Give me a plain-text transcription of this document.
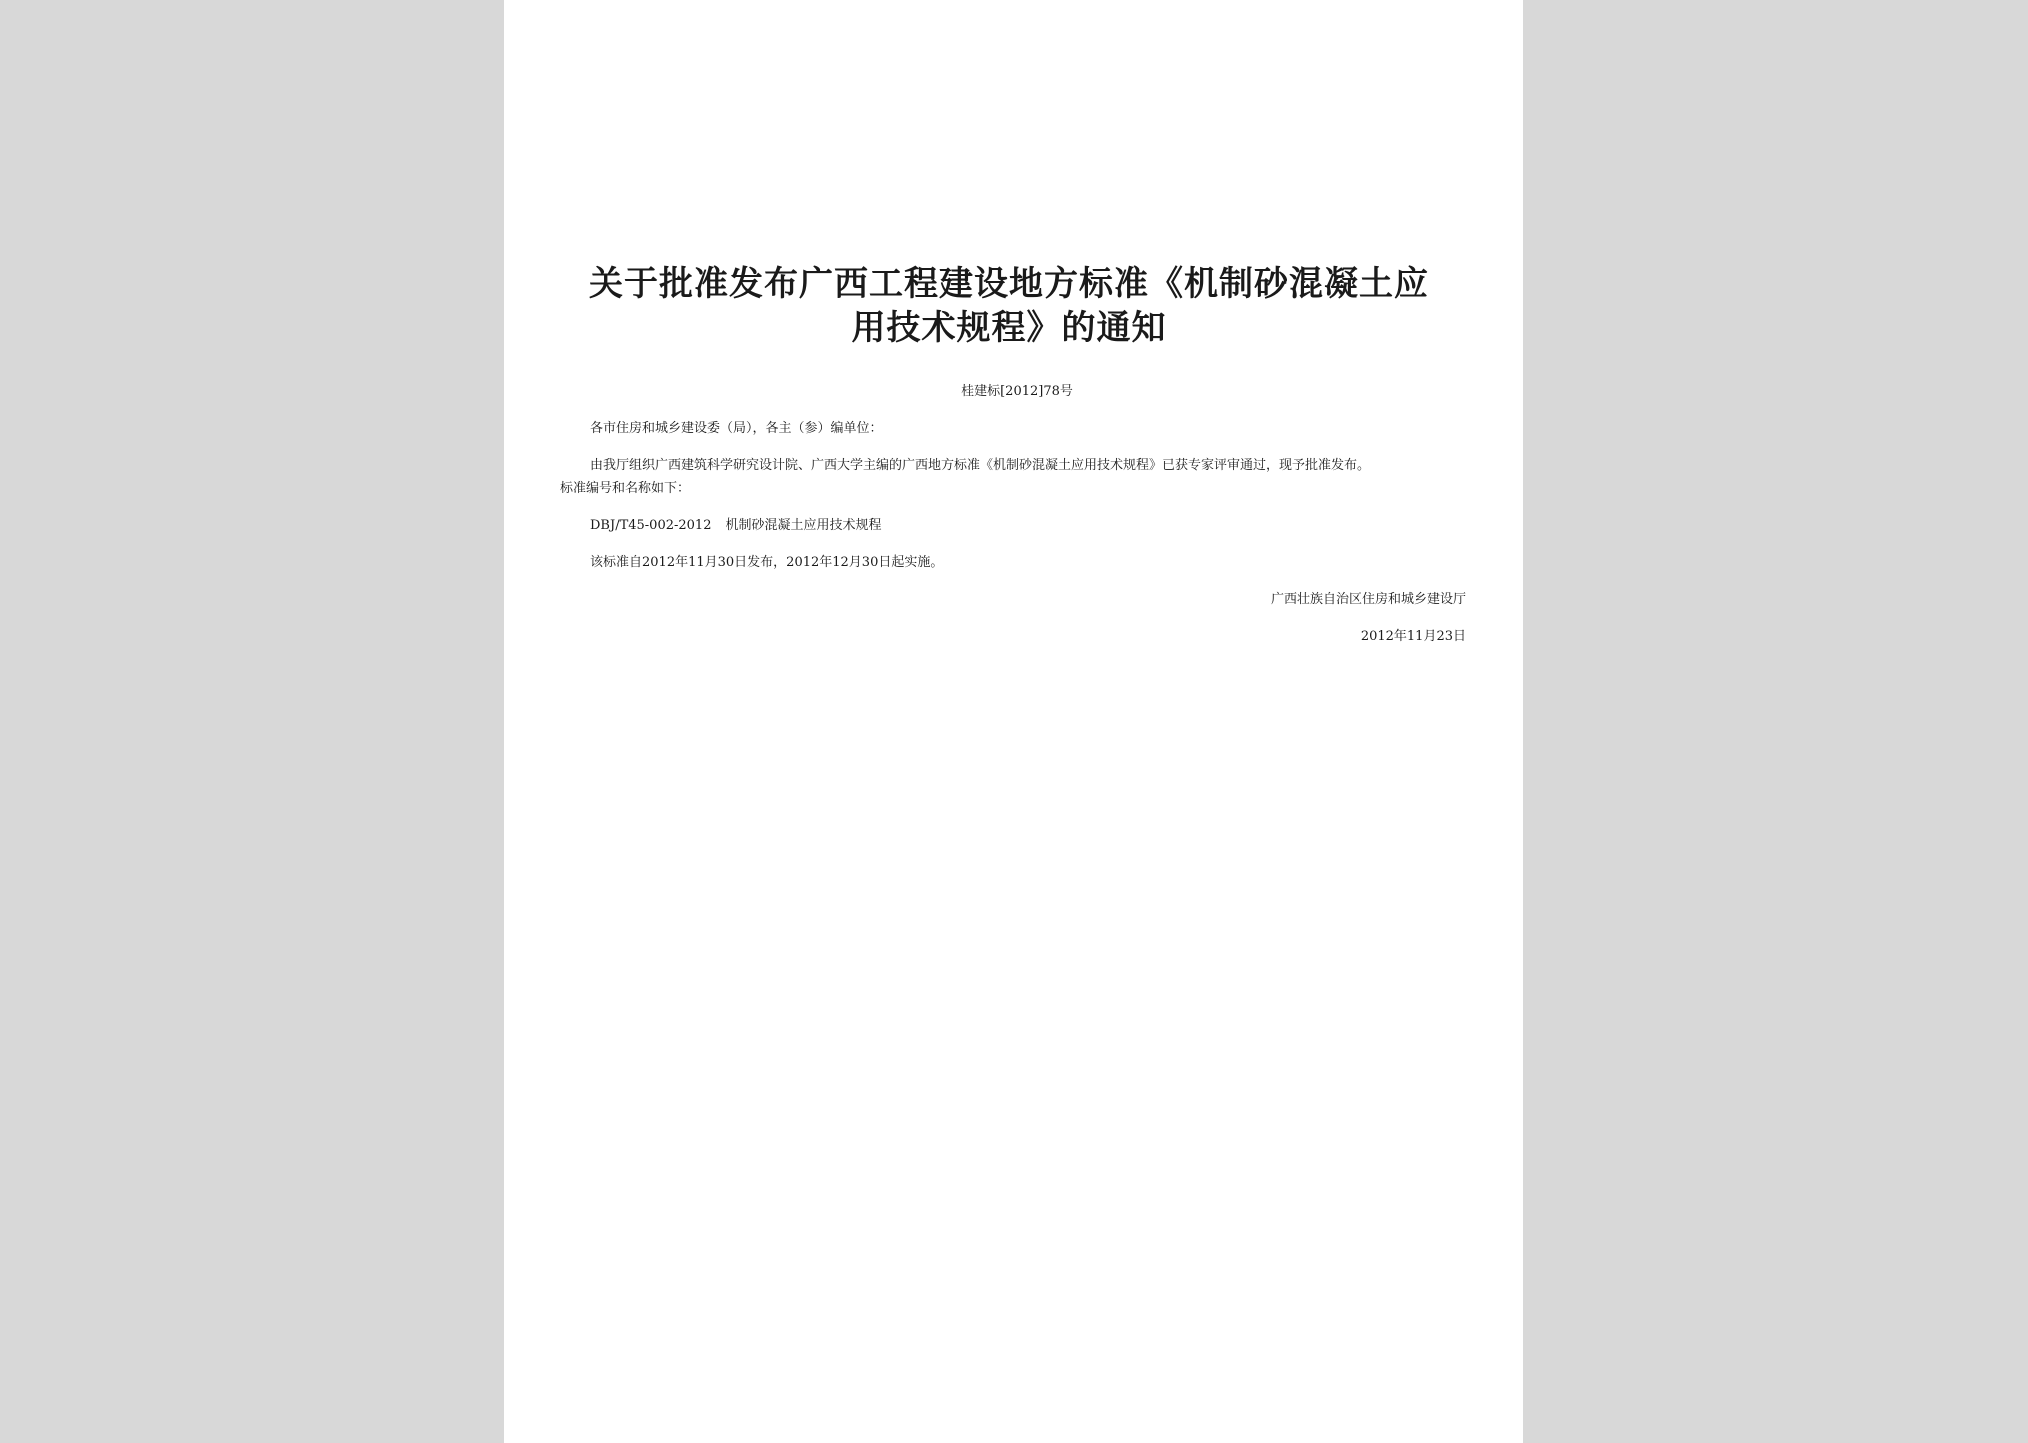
关于批准发布广西工程建设地方标准《机制砂混凝土应
用技术规程》的通知
桂建标[2012]78号

各市住房和城乡建设委（局），各主（参）编单位：

由我厅组织广西建筑科学研究设计院、广西大学主编的广西地方标准《机制砂混凝土应用技术规程》已获专家评审通过，现予批准发布。

标准编号和名称如下：

DBJ/T45-002-2012 机制砂混凝土应用技术规程

该标准自2012年11月30日发布，2012年12月30日起实施。

广西壮族自治区住房和城乡建设厅
2012年11月23日
